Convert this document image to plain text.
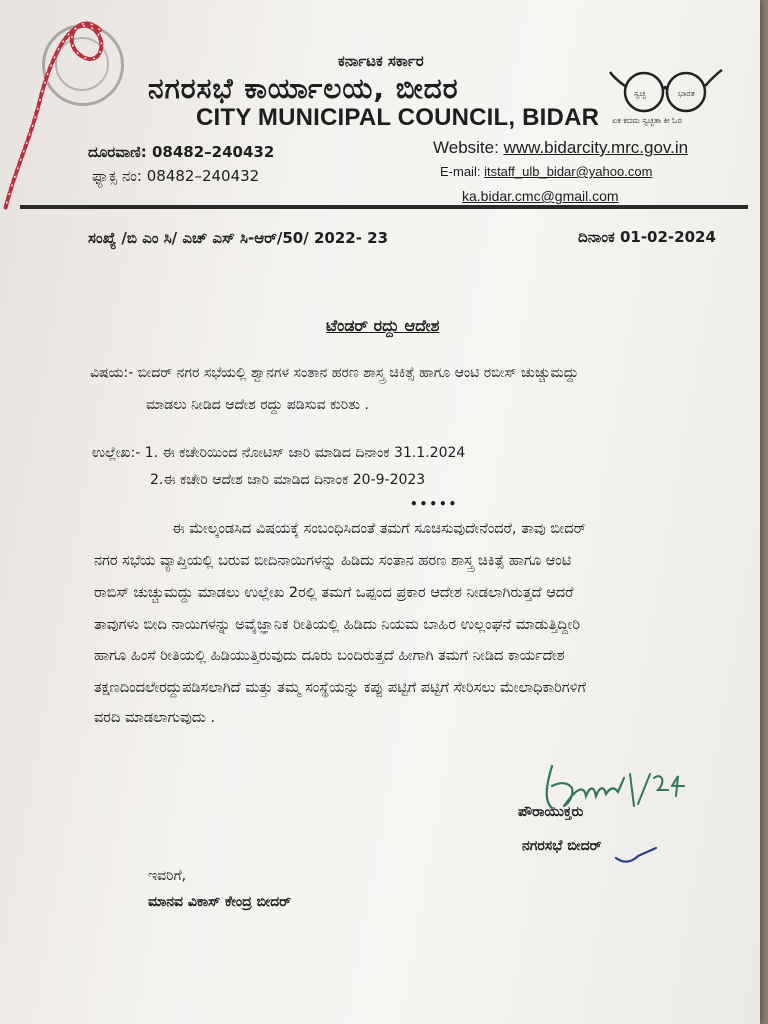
ಸ್ವಚ್ಛ	ಭಾರತ
ಏಕ ಕದಮ ಸ್ವಚ್ಛತಾ ಕೀ ಓರ
ಕರ್ನಾಟಕ ಸರ್ಕಾರ
ನಗರಸಭೆ ಕಾರ್ಯಾಲಯ, ಬೀದರ
CITY MUNICIPAL COUNCIL, BIDAR
ದೂರವಾಣಿ: 08482–240432
ಫ್ಯಾಕ್ಸ ನಂ: 08482–240432
Website: www.bidarcity.mrc.gov.in
E-mail: itstaff_ulb_bidar@yahoo.com
ka.bidar.cmc@gmail.com
ಸಂಖ್ಯೆ /ಬಿ ಎಂ ಸಿ/ ಎಚ್ ಎಸ್ ಸಿ-ಆರ್/50/ 2022- 23	ದಿನಾಂಕ 01-02-2024
ಟೆಂಡರ್ ರದ್ದು ಆದೇಶ
ವಿಷಯ:- ಬೀದರ್ ನಗರ ಸಭೆಯಲ್ಲಿ ಶ್ವಾನಗಳ ಸಂತಾನ ಹರಣ ಶಾಸ್ತ್ರ ಚಿಕಿತ್ಸೆ ಹಾಗೂ ಆಂಟಿ ರಬೀಸ್ ಚುಚ್ಚುಮದ್ದು
ಮಾಡಲು ನೀಡಿದ ಆದೇಶ ರದ್ದು ಪಡಿಸುವ ಕುರಿತು .
ಉಲ್ಲೇಖ:- 1. ಈ ಕಚೇರಿಯಿಂದ ನೋಟಿಸ್ ಜಾರಿ ಮಾಡಿದ ದಿನಾಂಕ 31.1.2024
2.ಈ ಕಚೇರಿ ಆದೇಶ ಜಾರಿ ಮಾಡಿದ ದಿನಾಂಕ 20-9-2023
•••••
ಈ ಮೇಲ್ಕಂಡಸಿದ ವಿಷಯಕ್ಕೆ ಸಂಬಂಧಿಸಿದಂತೆ ತಮಗೆ ಸೂಚಿಸುವುದೇನೆಂದರೆ, ತಾವು ಬೀದರ್
ನಗರ ಸಭೆಯ ವ್ಯಾಪ್ತಿಯಲ್ಲಿ ಬರುವ ಬೀದಿನಾಯಿಗಳನ್ನು ಹಿಡಿದು ಸಂತಾನ ಹರಣ ಶಾಸ್ತ್ರ ಚಿಕಿತ್ಸೆ ಹಾಗೂ ಆಂಟಿ
ರಾಬಿಸ್ ಚುಚ್ಚುಮದ್ದು ಮಾಡಲು ಉಲ್ಲೇಖ 2ರಲ್ಲಿ ತಮಗೆ ಒಪ್ಪಂದ ಪ್ರಕಾರ ಆದೇಶ ನೀಡಲಾಗಿರುತ್ತದೆ ಆದರೆ
ತಾವುಗಳು ಬೀದಿ ನಾಯಿಗಳನ್ನು ಅವೈಜ್ಞಾನಿಕ ರೀತಿಯಲ್ಲಿ ಹಿಡಿದು ನಿಯಮ ಬಾಹಿರ ಉಲ್ಲಂಘನೆ ಮಾಡುತ್ತಿದ್ದೀರಿ
ಹಾಗೂ ಹಿಂಸೆ ರೀತಿಯಲ್ಲಿ ಹಿಡಿಯುತ್ತಿರುವುದು ದೂರು ಬಂದಿರುತ್ತದೆ ಹೀಗಾಗಿ ತಮಗೆ ನೀಡಿದ ಕಾರ್ಯದೇಶ
ತಕ್ಷಣದಿಂದಲೇರದ್ದುಪಡಿಸಲಾಗಿದೆ ಮತ್ತು ತಮ್ಮ ಸಂಸ್ಥೆಯನ್ನು ಕಪ್ಪು ಪಟ್ಟಿಗೆ ಪಟ್ಟಿಗೆ ಸೇರಿಸಲು ಮೇಲಾಧಿಕಾರಿಗಳಿಗೆ
ವರದಿ ಮಾಡಲಾಗುವುದು .
ಪೌರಾಯುಕ್ತರು
ನಗರಸಭೆ ಬೀದರ್
ಇವರಿಗೆ,
ಮಾನವ ವಿಕಾಸ್ ಕೇಂದ್ರ ಬೀದರ್
